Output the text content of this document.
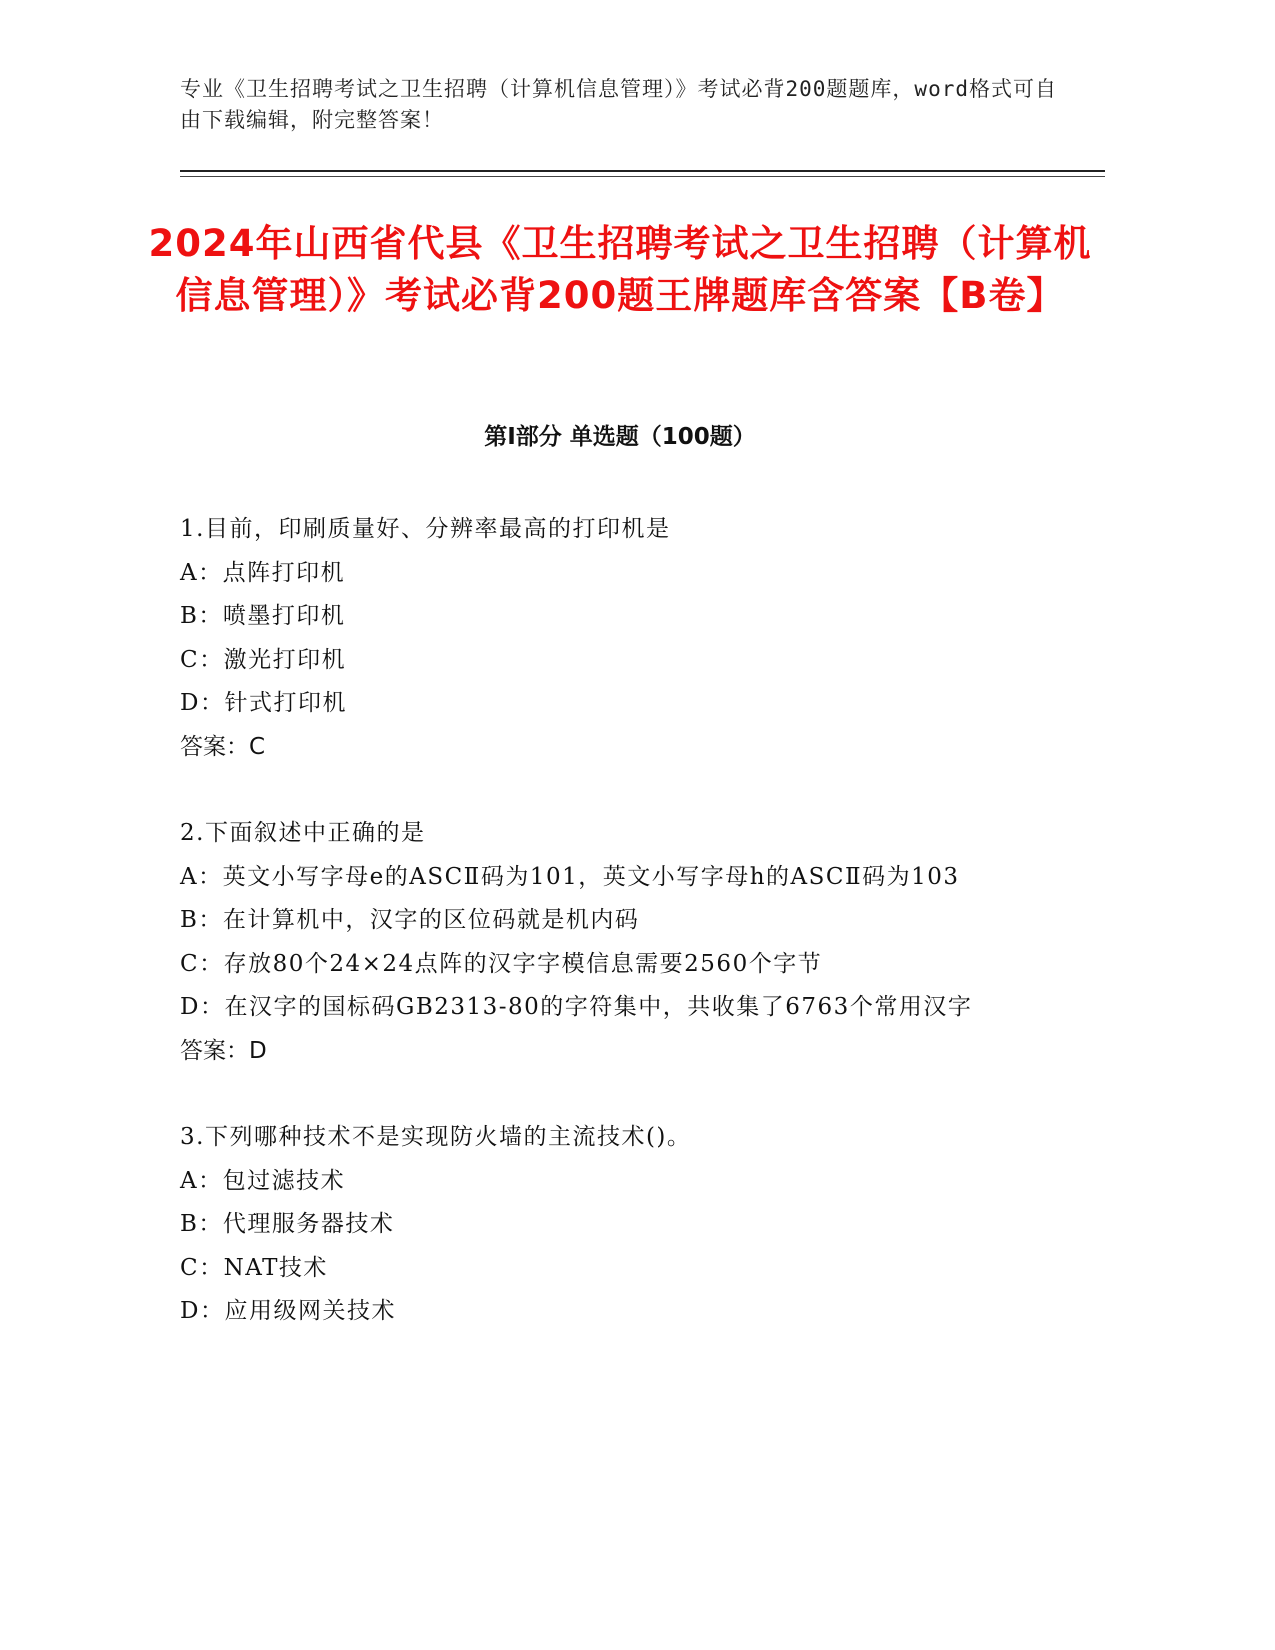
专业《卫生招聘考试之卫生招聘（计算机信息管理）》考试必背200题题库，word格式可自由下载编辑，附完整答案！
2024年山西省代县《卫生招聘考试之卫生招聘（计算机信息管理）》考试必背200题王牌题库含答案【B卷】
第Ⅰ部分 单选题（100题）
1.目前，印刷质量好、分辨率最高的打印机是
A：点阵打印机
B：喷墨打印机
C：激光打印机
D：针式打印机
答案：C
2.下面叙述中正确的是
A：英文小写字母e的ASCⅡ码为101，英文小写字母h的ASCⅡ码为103
B：在计算机中，汉字的区位码就是机内码
C：存放80个24×24点阵的汉字字模信息需要2560个字节
D：在汉字的国标码GB2313-80的字符集中，共收集了6763个常用汉字
答案：D
3.下列哪种技术不是实现防火墙的主流技术()。
A：包过滤技术
B：代理服务器技术
C：NAT技术
D：应用级网关技术
